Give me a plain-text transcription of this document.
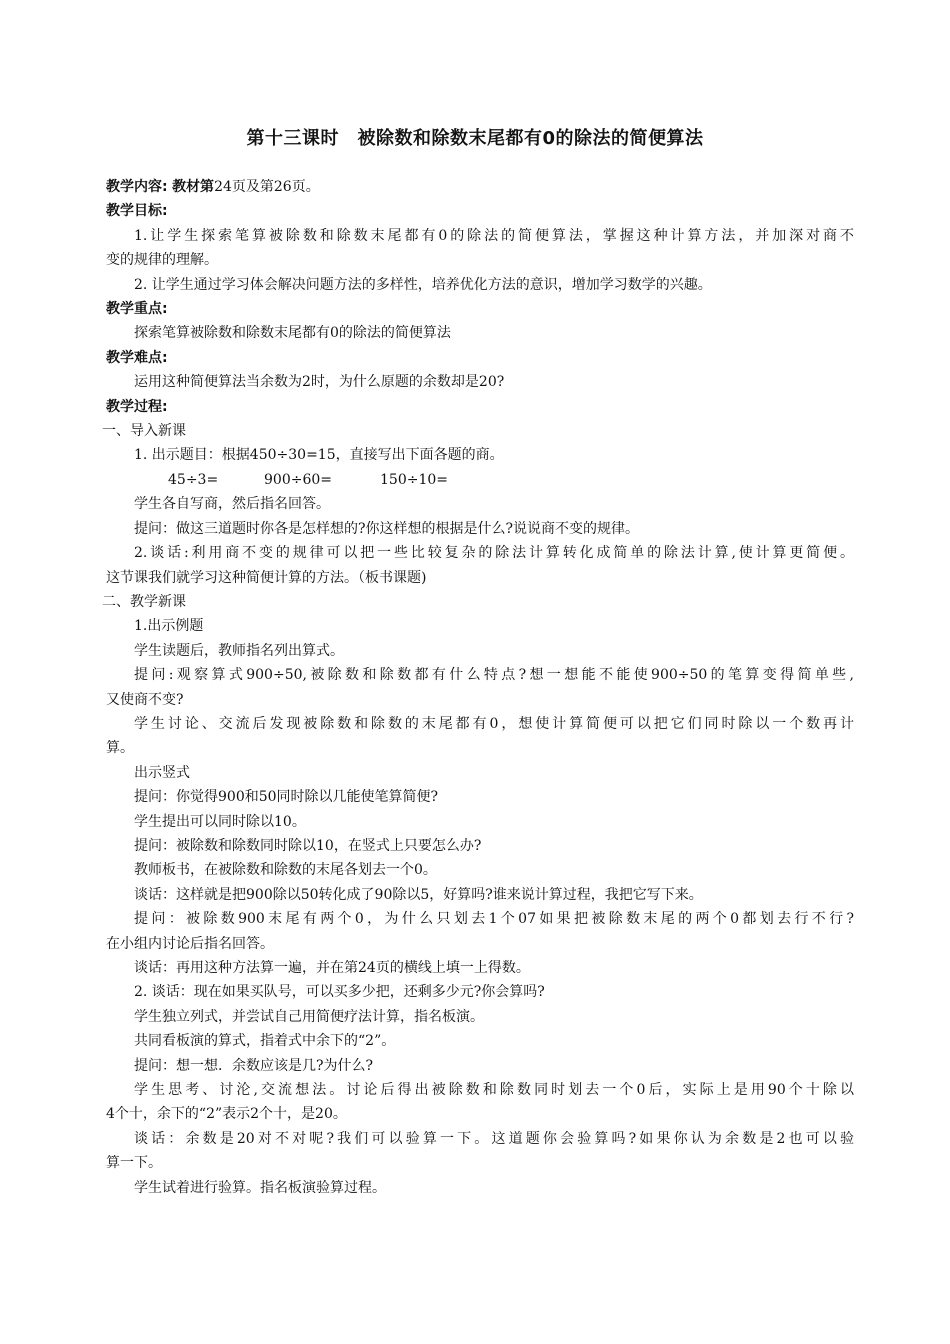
第十三课时　被除数和除数末尾都有0的除法的简便算法
教学内容: 教材第24页及第26页。
教学目标:
1.让学生探索笔算被除数和除数末尾都有0的除法的简便算法，掌握这种计算方法，并加深对商不
变的规律的理解。
2. 让学生通过学习体会解决问题方法的多样性，培养优化方法的意识，增加学习数学的兴趣。
教学重点:
探索笔算被除数和除数末尾都有0的除法的简便算法
教学难点:
运用这种简便算法当余数为2时，为什么原题的余数却是20?
教学过程:
一、导入新课
1. 出示题目：根据450÷30=15，直接写出下面各题的商。
45÷3=	900÷60=	150÷10=
学生各自写商，然后指名回答。
提问：做这三道题时你各是怎样想的?你这样想的根据是什么?说说商不变的规律。
2.谈话:利用商不变的规律可以把一些比较复杂的除法计算转化成简单的除法计算,使计算更简便。
这节课我们就学习这种简便计算的方法。（板书课题)
二、教学新课
1.出示例题
学生读题后，教师指名列出算式。
提问:观察算式900÷50,被除数和除数都有什么特点?想一想能不能使900÷50的笔算变得简单些,
又使商不变?
学生讨论、交流后发现被除数和除数的末尾都有0，想使计算简便可以把它们同时除以一个数再计
算。
出示竖式
提问：你觉得900和50同时除以几能使笔算简便?
学生提出可以同时除以10。
提问：被除数和除数同时除以10，在竖式上只要怎么办?
教师板书，在被除数和除数的末尾各划去一个0。
谈话：这样就是把900除以50转化成了90除以5，好算吗?谁来说计算过程，我把它写下来。
提问：被除数900末尾有两个0，为什么只划去1个07如果把被除数末尾的两个0都划去行不行?
在小组内讨论后指名回答。
谈话：再用这种方法算一遍，并在第24页的横线上填一上得数。
2. 谈话：现在如果买队号，可以买多少把，还剩多少元?你会算吗?
学生独立列式，并尝试自己用简便疗法计算，指名板演。
共同看板演的算式，指着式中余下的“2”。
提问：想一想．余数应该是几?为什么?
学生思考、讨沦,交流想法。讨论后得出被除数和除数同时划去一个0后，实际上是用90个十除以
4个十，余下的“2”表示2个十，是20。
谈话：余数是20对不对呢?我们可以验算一下。这道题你会验算吗?如果你认为余数是2也可以验
算一下。
学生试着进行验算。指名板演验算过程。
